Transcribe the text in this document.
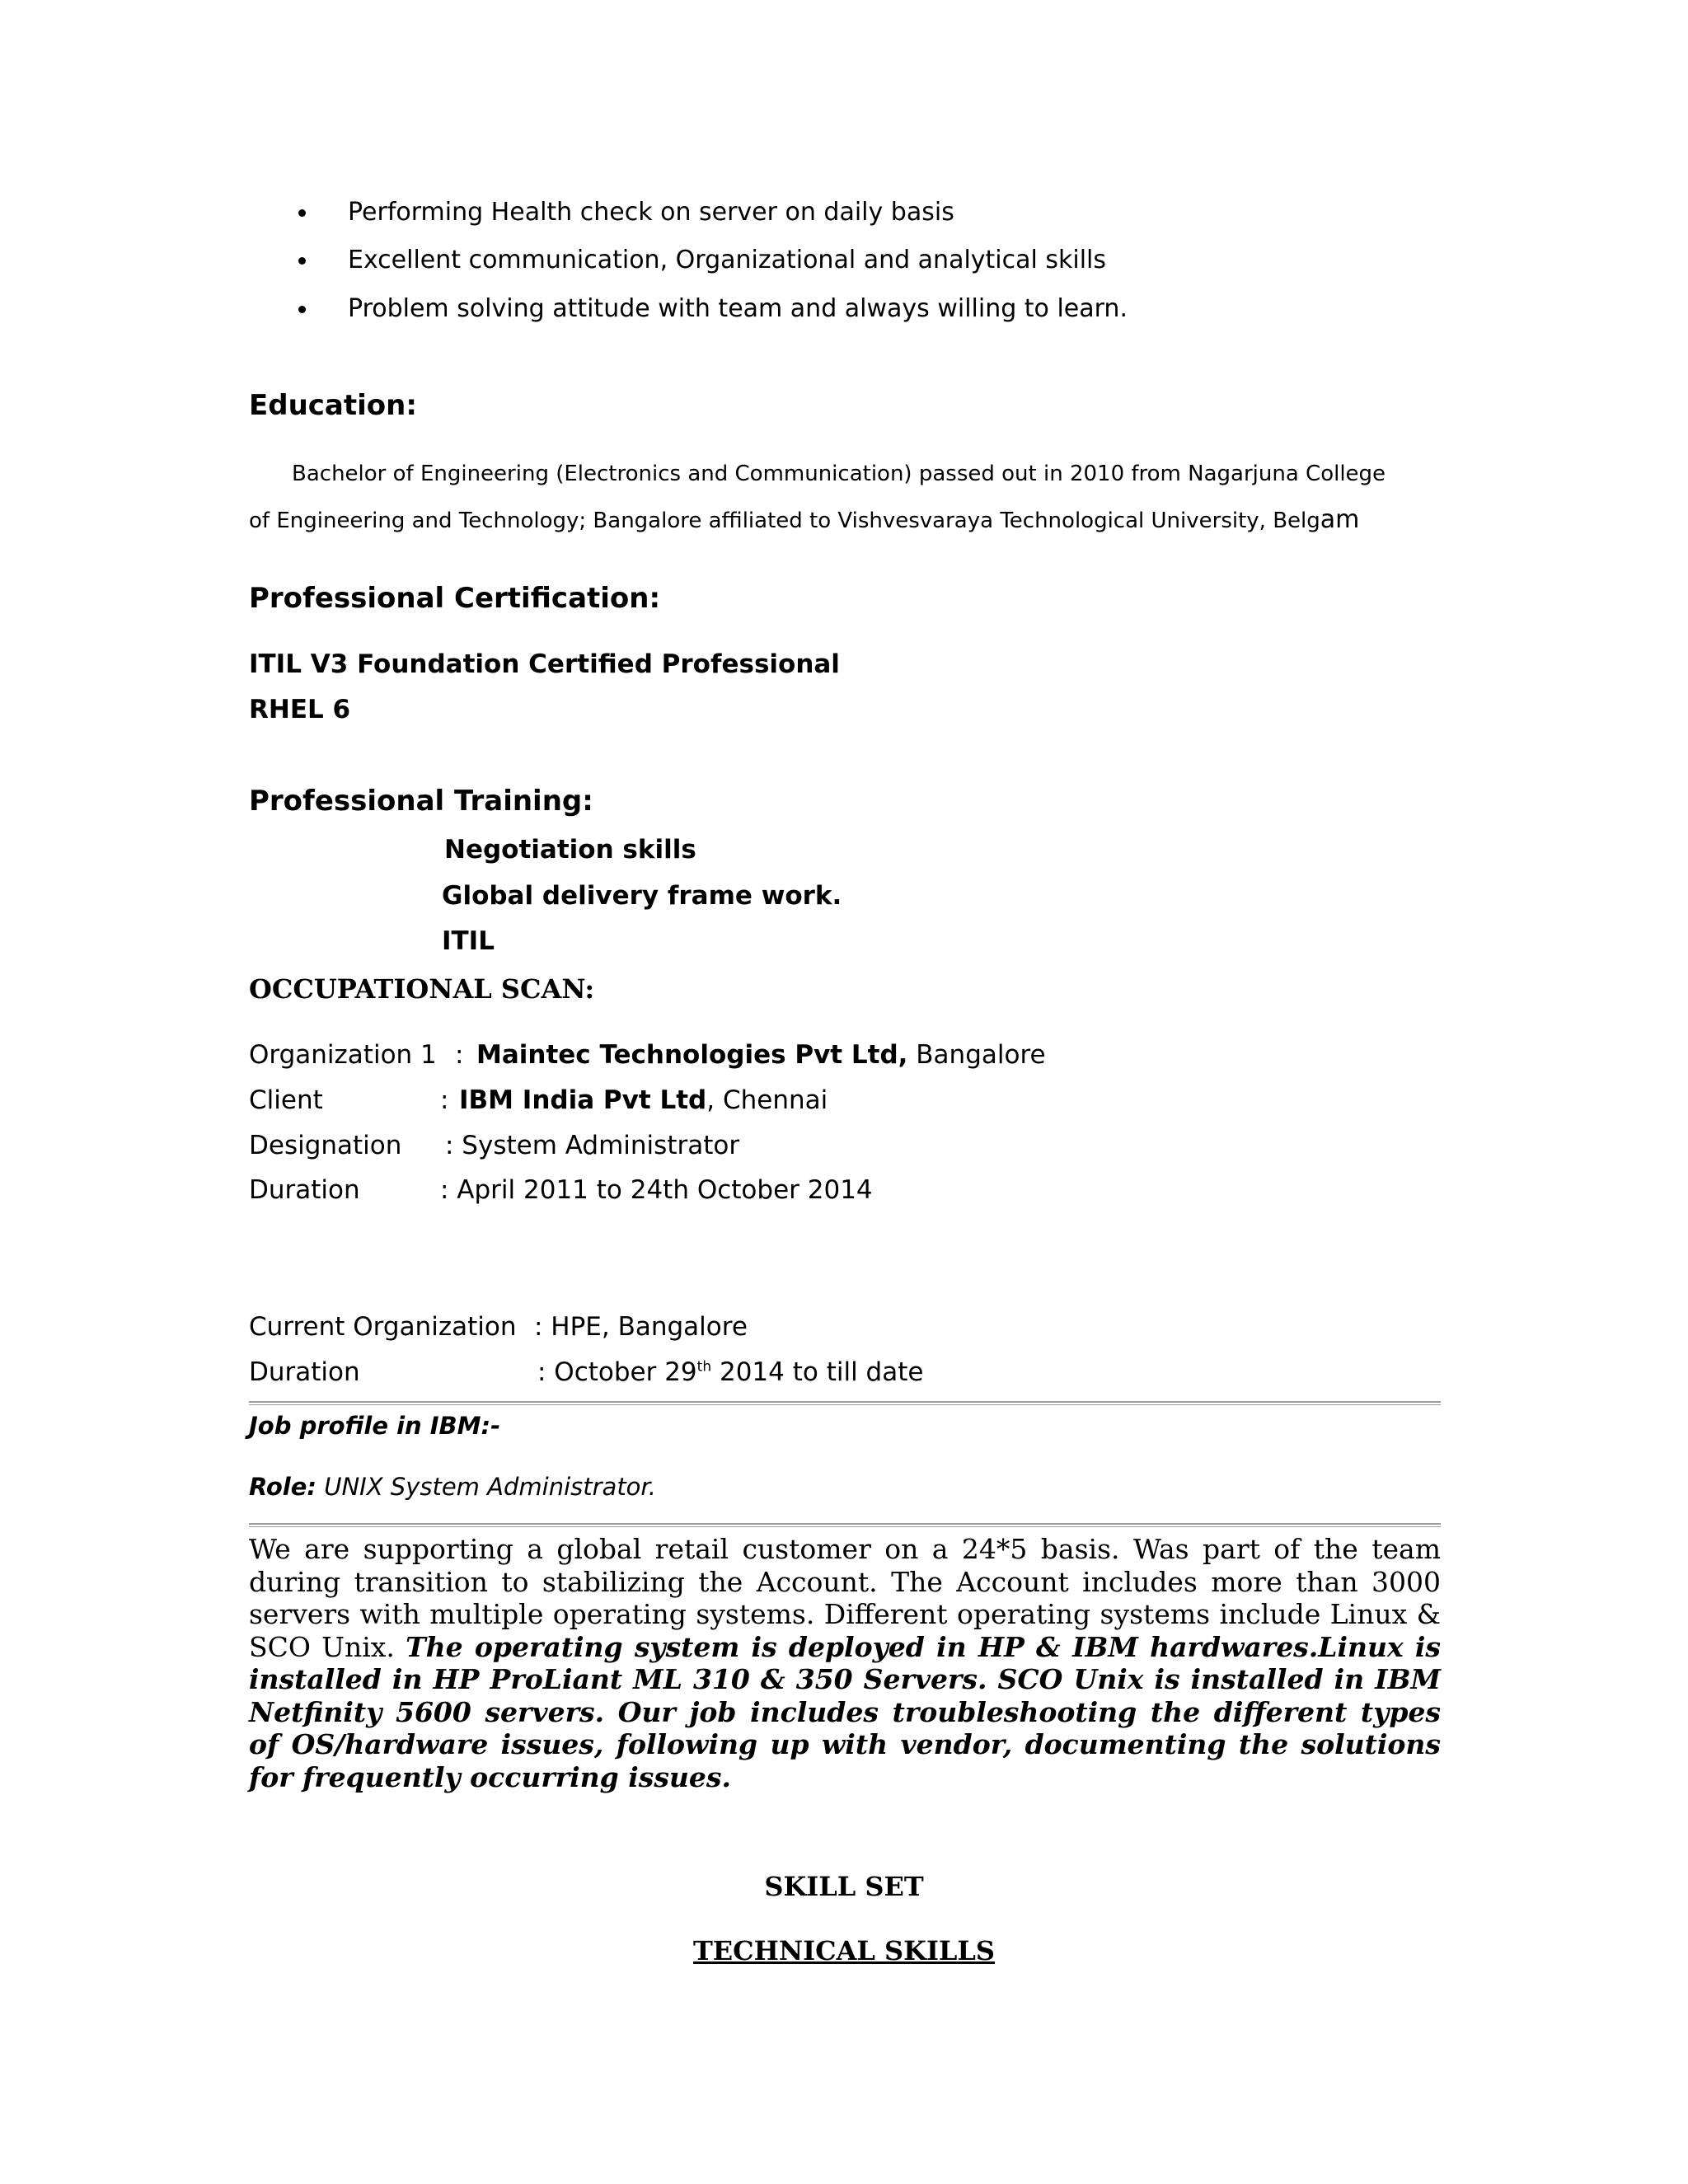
Performing Health check on server on daily basis
Excellent communication, Organizational and analytical skills
Problem solving attitude with team and always willing to learn.
Education:
Bachelor of Engineering (Electronics and Communication) passed out in 2010 from Nagarjuna College
of Engineering and Technology; Bangalore affiliated to Vishvesvaraya Technological University, Belgam
Professional Certification:
ITIL V3 Foundation Certified Professional
RHEL 6
Professional Training:
Negotiation skills
Global delivery frame work.
ITIL
OCCUPATIONAL SCAN:
Organization 1 : Maintec Technologies Pvt Ltd, Bangalore
Client	: IBM India Pvt Ltd, Chennai
Designation : System Administrator
Duration	: April 2011 to 24th October 2014
Current Organization : HPE, Bangalore
Duration	: October 29th 2014 to till date
Job profile in IBM:-
Role: UNIX System Administrator.
We are supporting a global retail customer on a 24*5 basis. Was part of the team during transition to stabilizing the Account. The Account includes more than 3000 servers with multiple operating systems. Different operating systems include Linux & SCO Unix. The operating system is deployed in HP & IBM hardwares.Linux is installed in HP ProLiant ML 310 & 350 Servers. SCO Unix is installed in IBM Netfinity 5600 servers. Our job includes troubleshooting the different types of OS/hardware issues, following up with vendor, documenting the solutions for frequently occurring issues.
SKILL SET
TECHNICAL SKILLS
